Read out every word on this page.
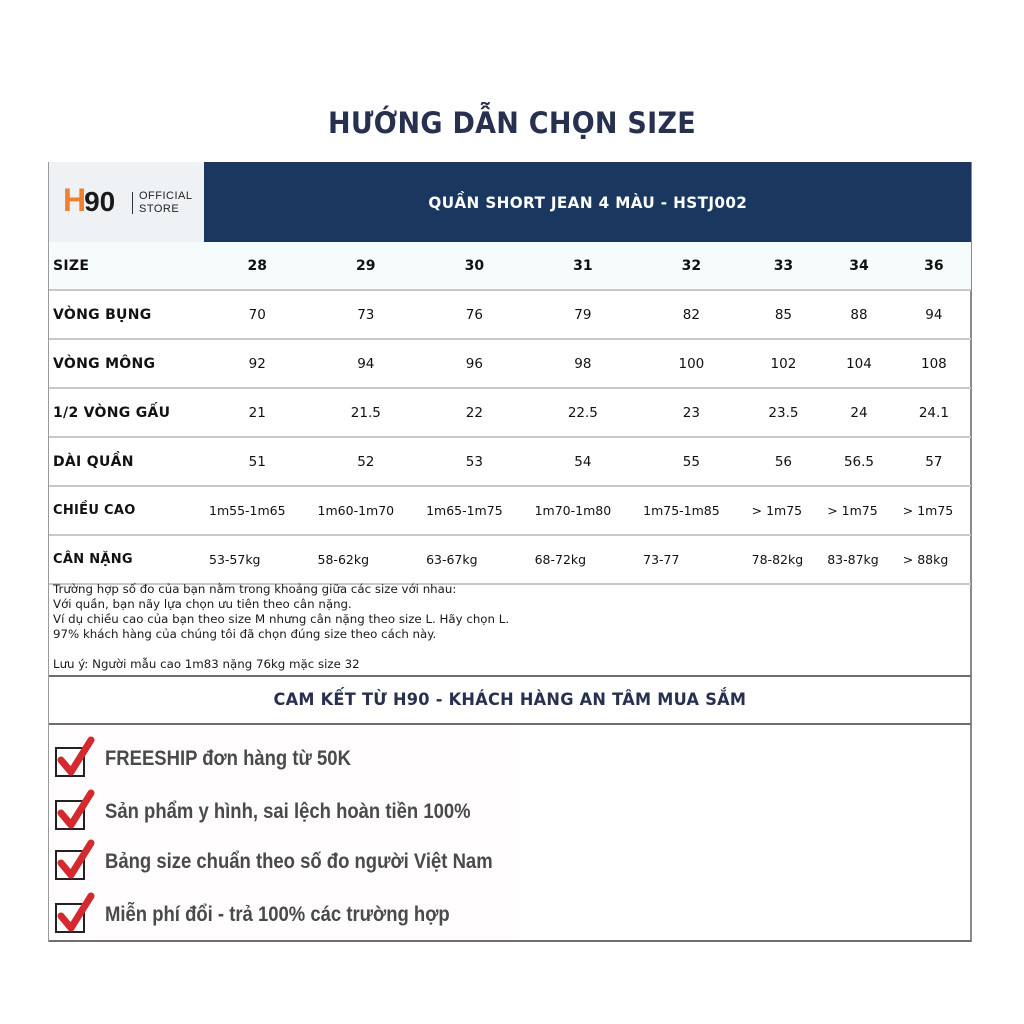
HƯỚNG DẪN CHỌN SIZE
H 90 OFFICIAL
STORE	QUẦN SHORT JEAN 4 MÀU - HSTJ002
SIZE	28	29	30	31	32	33	34	36
VÒNG BỤNG	70	73	76	79	82	85	88	94
VÒNG MÔNG	92	94	96	98	100	102	104	108
1/2 VÒNG GẤU	21	21.5	22	22.5	23	23.5	24	24.1
DÀI QUẦN	51	52	53	54	55	56	56.5	57
CHIỀU CAO	1m55-1m65	1m60-1m70	1m65-1m75	1m70-1m80	1m75-1m85	> 1m75	> 1m75	> 1m75
CÂN NẶNG	53-57kg	58-62kg	63-67kg	68-72kg	73-77	78-82kg	83-87kg	> 88kg
Trường hợp số đo của bạn nằm trong khoảng giữa các size với nhau:
Với quần, bạn nãy lựa chọn ưu tiên theo cân nặng.
Ví dụ chiều cao của bạn theo size M nhưng cân nặng theo size L. Hãy chọn L.
97% khách hàng của chúng tôi đã chọn đúng size theo cách này.
Lưu ý: Người mẫu cao 1m83 nặng 76kg mặc size 32
CAM KẾT TỪ H90 - KHÁCH HÀNG AN TÂM MUA SẮM
FREESHIP đơn hàng từ 50K
Sản phẩm y hình, sai lệch hoàn tiền 100%
Bảng size chuẩn theo số đo người Việt Nam
Miễn phí đổi - trả 100% các trường hợp
